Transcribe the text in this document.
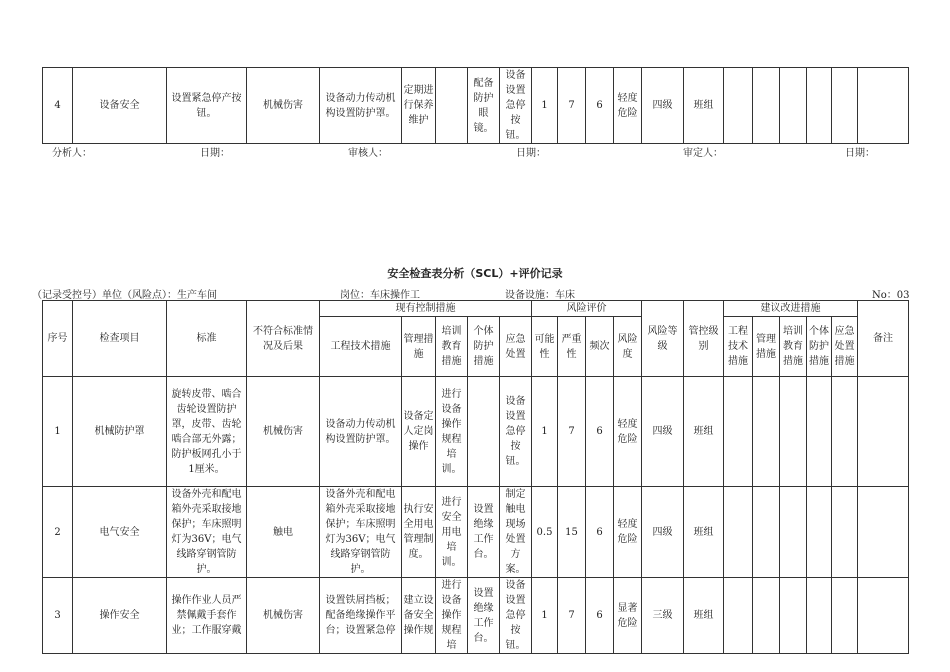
4	设备安全	设置紧急停产按钮。	机械伤害	设备动力传动机构设置防护罩。	定期进行保养维护		配备防护眼镜。	设备设置急停按钮。	1	7	6	轻度危险	四级	班组						
分析人：	日期：	审核人：	日期：	审定人：	日期：
安全检查表分析（SCL）+评价记录
（记录受控号）单位（风险点）：生产车间	岗位：车床操作工	设备设施：车床	No：03
序号	检查项目	标准	不符合标准情况及后果	现有控制措施					风险评价				风险等级	管控级别	建议改进措施					备注
				工程技术措施	管理措施	培训教育措施	个体防护措施	应急处置	可能性	严重性	频次	风险度			工程技术措施	管理措施	培训教育措施	个体防护措施	应急处置措施	
1	机械防护罩	旋转皮带、啮合齿轮设置防护罩，皮带、齿轮啮合部无外露；防护板网孔小于1厘米。	机械伤害	设备动力传动机构设置防护罩。	设备定人定岗操作	进行设备操作规程培训。		设备设置急停按钮。	1	7	6	轻度危险	四级	班组						
2	电气安全	设备外壳和配电箱外壳采取接地保护；车床照明灯为36V；电气线路穿钢管防护。	触电	设备外壳和配电箱外壳采取接地保护；车床照明灯为36V；电气线路穿钢管防护。	执行安全用电管理制度。	进行安全用电培训。	设置绝缘工作台。	制定触电现场处置方案。	0.5	15	6	轻度危险	四级	班组						
3	操作安全	操作作业人员严禁佩戴手套作业；工作服穿戴	机械伤害	设置铁屑挡板；配备绝缘操作平台；设置紧急停	建立设备安全操作规	进行设备操作规程培	设置绝缘工作台。	设备设置急停按钮。	1	7	6	显著危险	三级	班组						
